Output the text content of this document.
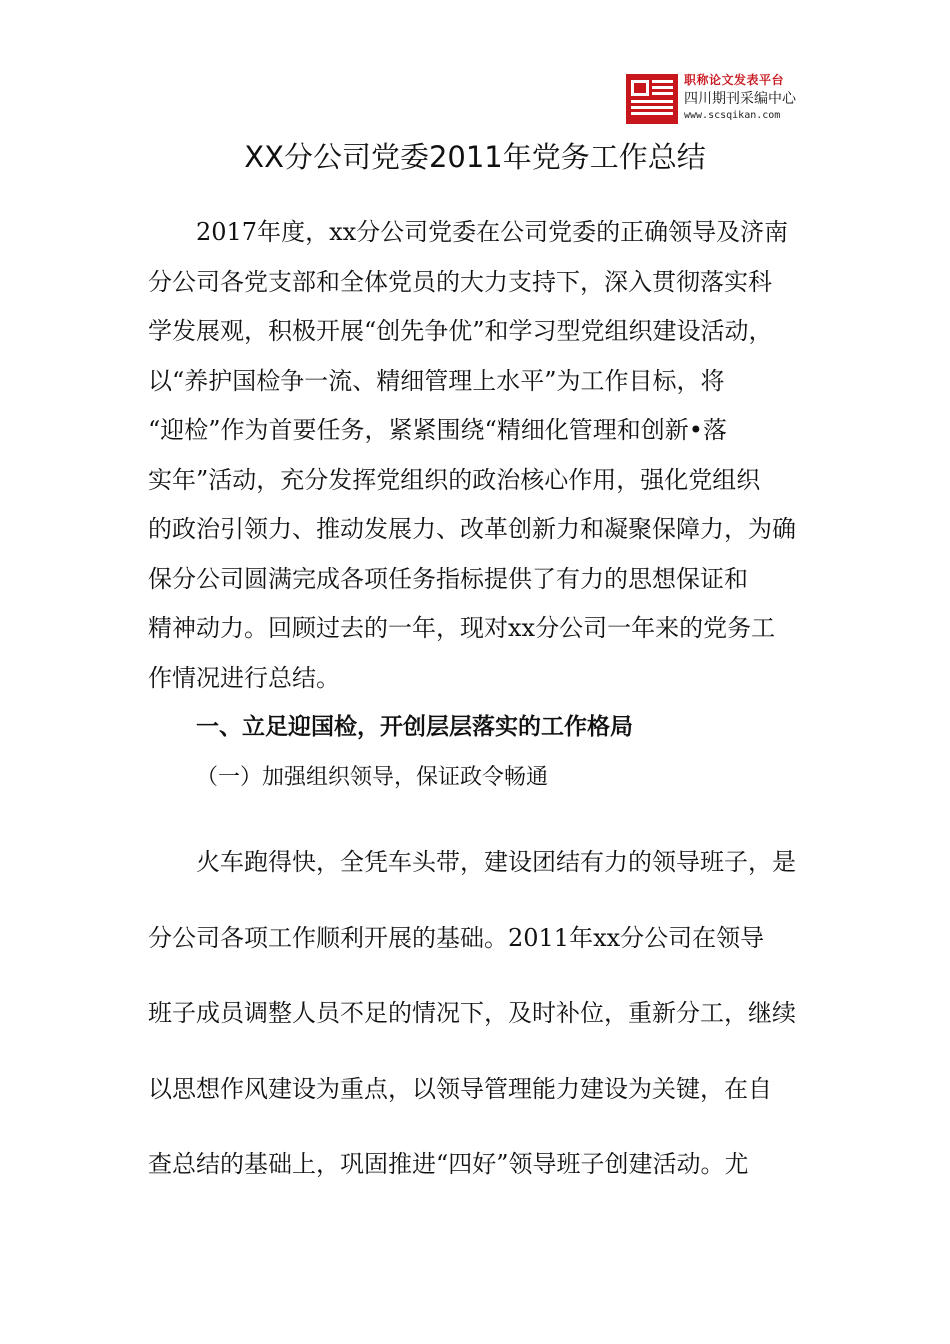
职称论文发表平台
四川期刊采编中心
www.scsqikan.com
XX分公司党委2011年党务工作总结
2017年度，xx分公司党委在公司党委的正确领导及济南
分公司各党支部和全体党员的大力支持下，深入贯彻落实科
学发展观，积极开展“创先争优”和学习型党组织建设活动，
以“养护国检争一流、精细管理上水平”为工作目标，将
“迎检”作为首要任务，紧紧围绕“精细化管理和创新•落
实年”活动，充分发挥党组织的政治核心作用，强化党组织
的政治引领力、推动发展力、改革创新力和凝聚保障力，为确
保分公司圆满完成各项任务指标提供了有力的思想保证和
精神动力。回顾过去的一年，现对xx分公司一年来的党务工
作情况进行总结。
一、立足迎国检，开创层层落实的工作格局
（一）加强组织领导，保证政令畅通
火车跑得快，全凭车头带，建设团结有力的领导班子，是
分公司各项工作顺利开展的基础。2011年xx分公司在领导
班子成员调整人员不足的情况下，及时补位，重新分工，继续
以思想作风建设为重点，以领导管理能力建设为关键，在自
查总结的基础上，巩固推进“四好”领导班子创建活动。尤
